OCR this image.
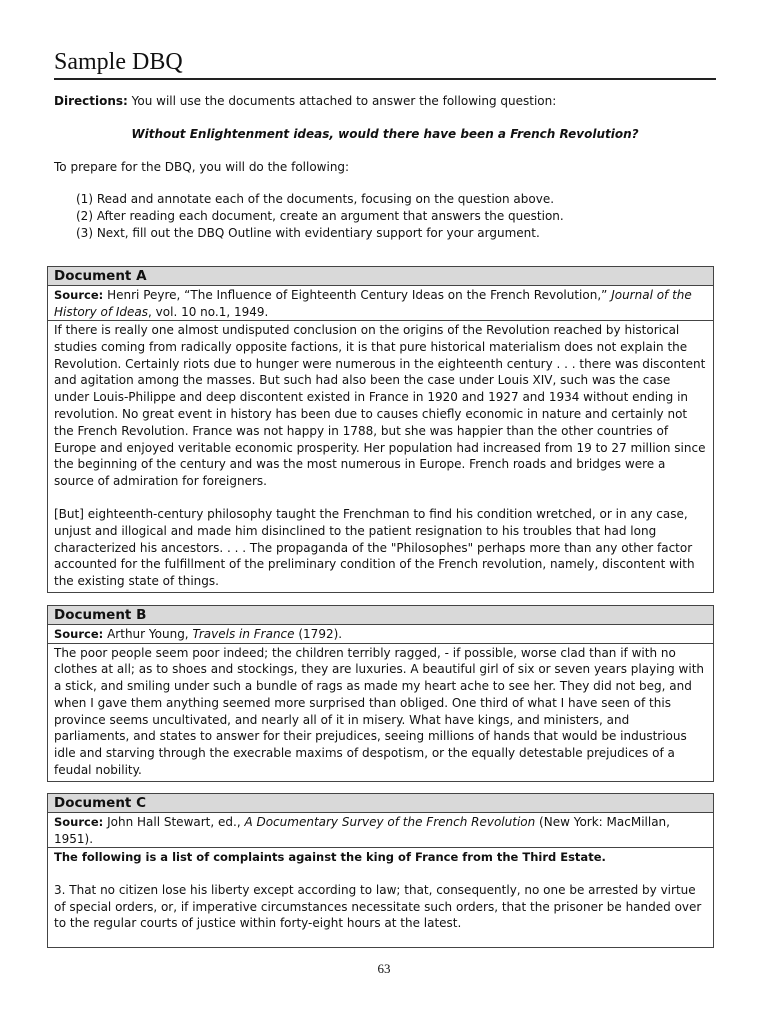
Sample DBQ
Directions: You will use the documents attached to answer the following question:
Without Enlightenment ideas, would there have been a French Revolution?
To prepare for the DBQ, you will do the following:
(1) Read and annotate each of the documents, focusing on the question above.
(2) After reading each document, create an argument that answers the question.
(3) Next, fill out the DBQ Outline with evidentiary support for your argument.
Document A
Source: Henri Peyre, “The Influence of Eighteenth Century Ideas on the French Revolution,” Journal of the History of Ideas, vol. 10 no.1, 1949.

If there is really one almost undisputed conclusion on the origins of the Revolution reached by historical studies coming from radically opposite factions, it is that pure historical materialism does not explain the Revolution. Certainly riots due to hunger were numerous in the eighteenth century . . . there was discontent and agitation among the masses. But such had also been the case under Louis XIV, such was the case under Louis-Philippe and deep discontent existed in France in 1920 and 1927 and 1934 without ending in revolution. No great event in history has been due to causes chiefly economic in nature and certainly not the French Revolution. France was not happy in 1788, but she was happier than the other countries of Europe and enjoyed veritable economic prosperity. Her population had increased from 19 to 27 million since the beginning of the century and was the most numerous in Europe. French roads and bridges were a source of admiration for foreigners.

[But] eighteenth-century philosophy taught the Frenchman to find his condition wretched, or in any case, unjust and illogical and made him disinclined to the patient resignation to his troubles that had long characterized his ancestors. . . . The propaganda of the "Philosophes" perhaps more than any other factor accounted for the fulfillment of the preliminary condition of the French revolution, namely, discontent with the existing state of things.

Document B
Source: Arthur Young, Travels in France (1792).

The poor people seem poor indeed; the children terribly ragged, - if possible, worse clad than if with no clothes at all; as to shoes and stockings, they are luxuries. A beautiful girl of six or seven years playing with a stick, and smiling under such a bundle of rags as made my heart ache to see her. They did not beg, and when I gave them anything seemed more surprised than obliged. One third of what I have seen of this province seems uncultivated, and nearly all of it in misery. What have kings, and ministers, and parliaments, and states to answer for their prejudices, seeing millions of hands that would be industrious idle and starving through the execrable maxims of despotism, or the equally detestable prejudices of a feudal nobility.

Document C
Source: John Hall Stewart, ed., A Documentary Survey of the French Revolution (New York: MacMillan, 1951).

The following is a list of complaints against the king of France from the Third Estate.

3. That no citizen lose his liberty except according to law; that, consequently, no one be arrested by virtue of special orders, or, if imperative circumstances necessitate such orders, that the prisoner be handed over to the regular courts of justice within forty-eight hours at the latest.

63
